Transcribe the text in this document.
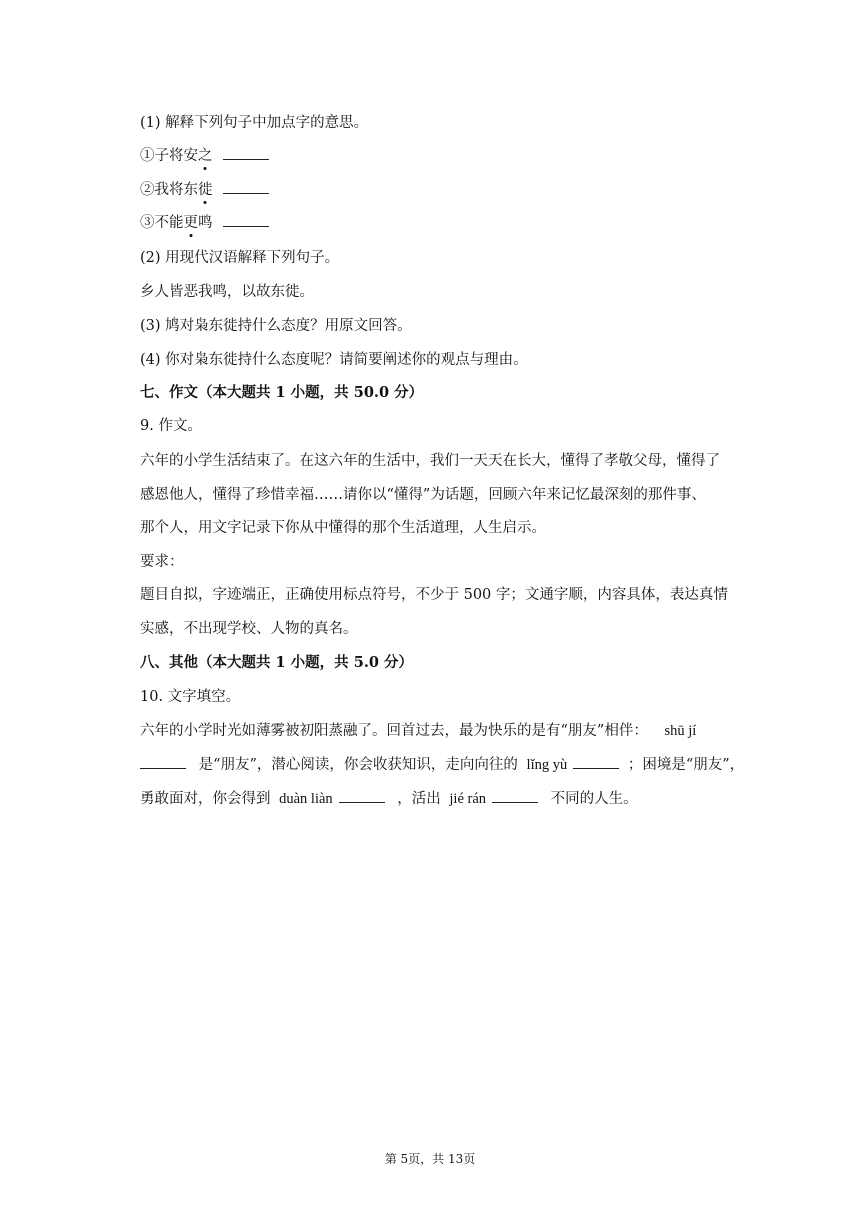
(1) 解释下列句子中加点字的意思。
①子将安之
②我将东徙
③不能更
鸣
(2) 用现代汉语解释下列句子。
乡人皆恶我鸣，以故东徙。
(3) 鸠对枭东徙持什么态度？用原文回答。
(4) 你对枭东徙持什么态度呢？请简要阐述你的观点与理由。
七、作文（本大题共 1 小题，共 50.0 分）
9. 作文。
六年的小学生活结束了。在这六年的生活中，我们一天天在长大，懂得了孝敬父母，懂得了
感恩他人，懂得了珍惜幸福……请你以“懂得”为话题，回顾六年来记忆最深刻的那件事、
那个人，用文字记录下你从中懂得的那个生活道理，人生启示。
要求：
题目自拟，字迹端正，正确使用标点符号，不少于 500 字；文通字顺，内容具体，表达真情
实感，不出现学校、人物的真名。
八、其他（本大题共 1 小题，共 5.0 分）
10. 文字填空。
六年的小学时光如薄雾被初阳蒸融了。回首过去，最为快乐的是有“朋友”相伴： shū jí
是“朋友”，潜心阅读，你会收获知识，走向向往的 lǐng yù	；困境是“朋友”，
勇敢面对，你会得到 duàn liàn	，活出 jié rán	不同的人生。
第 5页，共 13页
